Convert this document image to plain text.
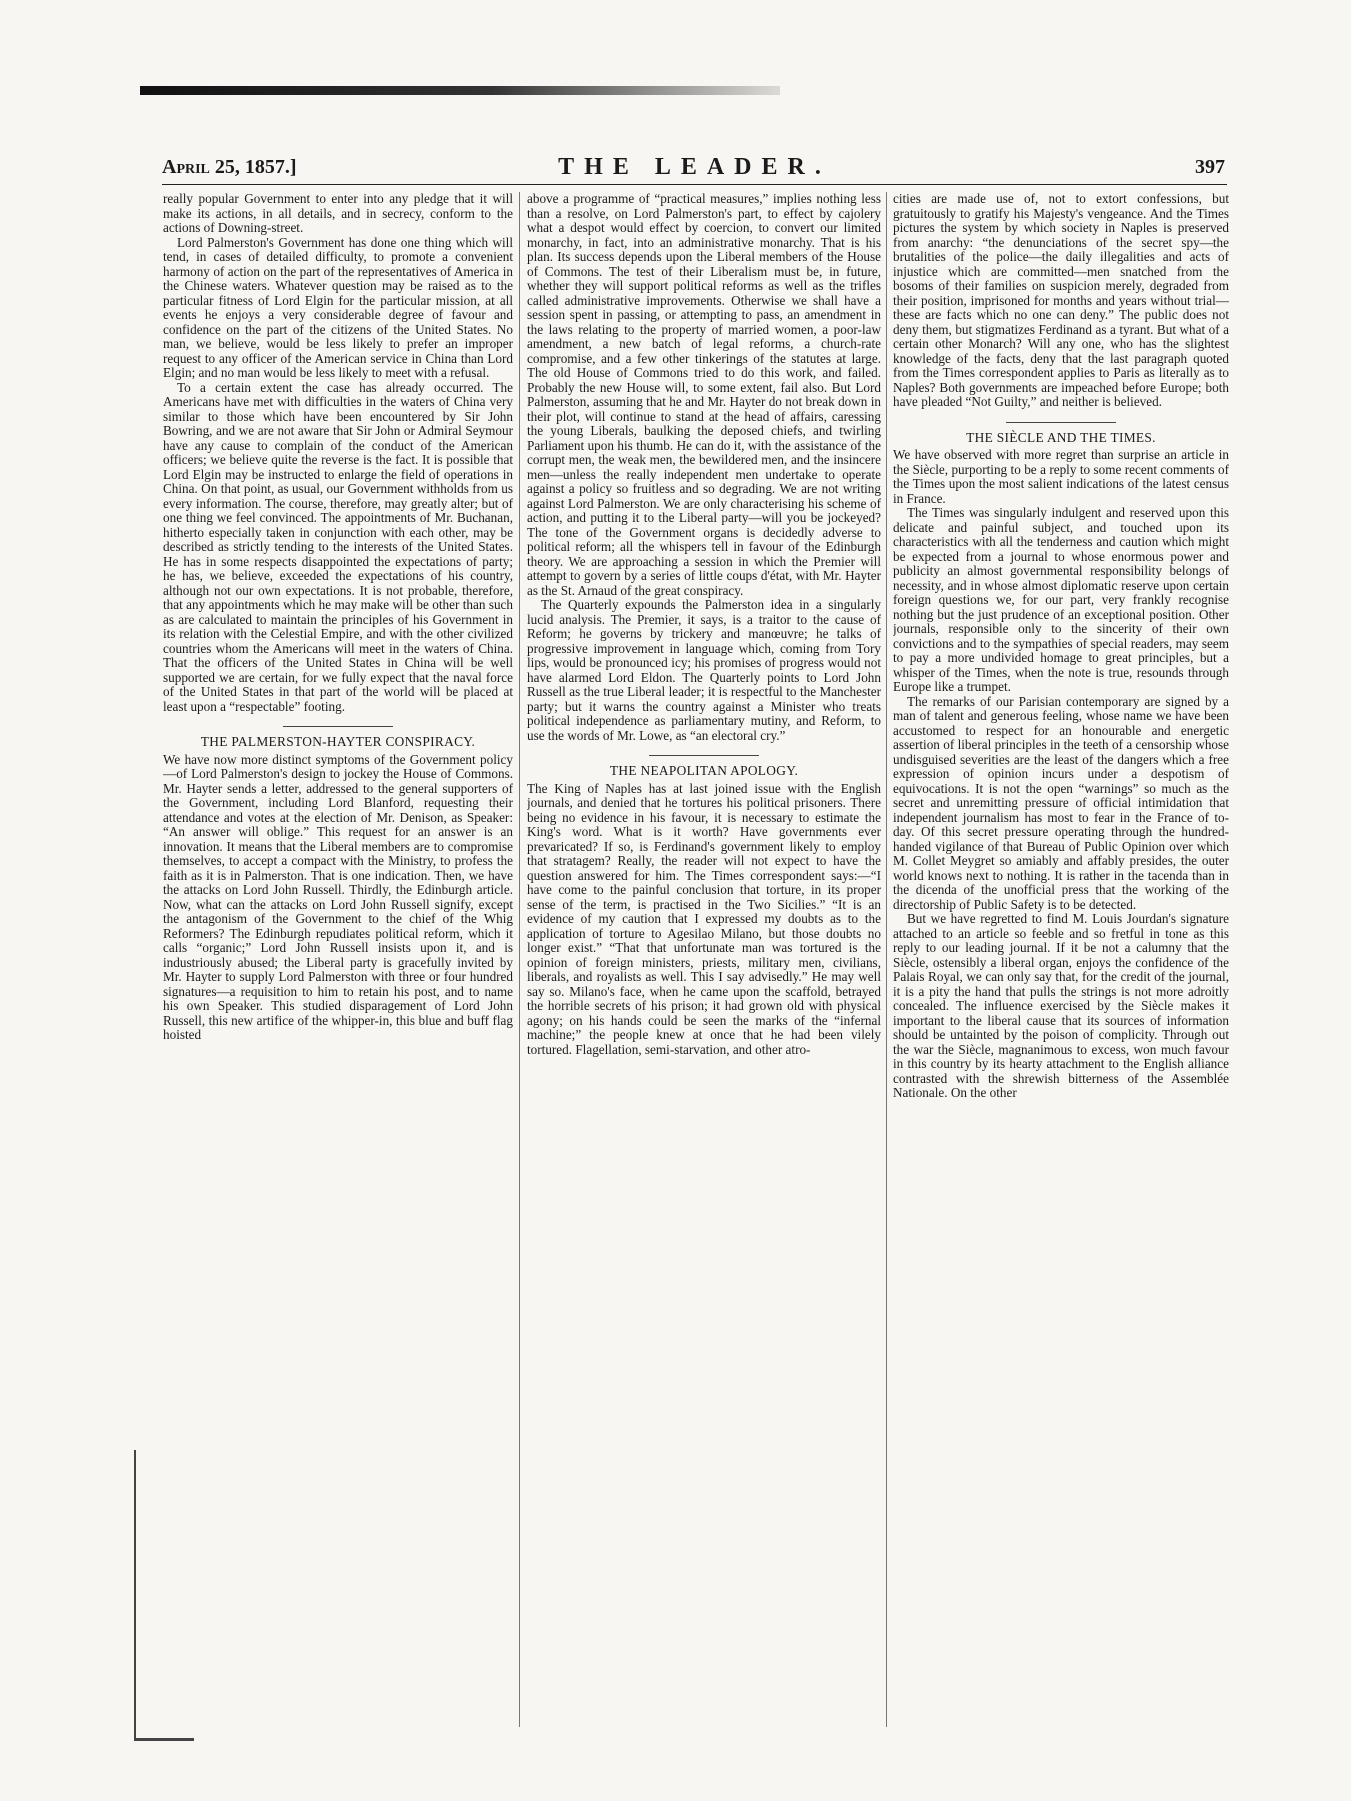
April 25, 1857.]	THE LEADER.	397

really popular Government to enter into any pledge that it will make its actions, in all details, and in secrecy, conform to the actions of Downing-street.

Lord Palmerston's Government has done one thing which will tend, in cases of detailed difficulty, to promote a convenient harmony of action on the part of the representatives of America in the Chinese waters. Whatever question may be raised as to the particular fitness of Lord Elgin for the particular mission, at all events he enjoys a very considerable degree of favour and confidence on the part of the citizens of the United States. No man, we believe, would be less likely to prefer an improper request to any officer of the American service in China than Lord Elgin; and no man would be less likely to meet with a refusal.

To a certain extent the case has already occurred. The Americans have met with difficulties in the waters of China very similar to those which have been encountered by Sir John Bowring, and we are not aware that Sir John or Admiral Seymour have any cause to complain of the conduct of the American officers; we believe quite the reverse is the fact. It is possible that Lord Elgin may be instructed to enlarge the field of operations in China. On that point, as usual, our Government withholds from us every information. The course, therefore, may greatly alter; but of one thing we feel convinced. The appointments of Mr. Buchanan, hitherto especially taken in conjunction with each other, may be described as strictly tending to the interests of the United States. He has in some respects disappointed the expectations of party; he has, we believe, exceeded the expectations of his country, although not our own expectations. It is not probable, therefore, that any appointments which he may make will be other than such as are calculated to maintain the principles of his Government in its relation with the Celestial Empire, and with the other civilized countries whom the Americans will meet in the waters of China. That the officers of the United States in China will be well supported we are certain, for we fully expect that the naval force of the United States in that part of the world will be placed at least upon a “respectable” footing.

THE PALMERSTON-HAYTER CONSPIRACY.

We have now more distinct symptoms of the Government policy—of Lord Palmerston's design to jockey the House of Commons. Mr. Hayter sends a letter, addressed to the general supporters of the Government, including Lord Blanford, requesting their attendance and votes at the election of Mr. Denison, as Speaker: “An answer will oblige.” This request for an answer is an innovation. It means that the Liberal members are to compromise themselves, to accept a compact with the Ministry, to profess the faith as it is in Palmerston. That is one indication. Then, we have the attacks on Lord John Russell. Thirdly, the Edinburgh article. Now, what can the attacks on Lord John Russell signify, except the antagonism of the Government to the chief of the Whig Reformers? The Edinburgh repudiates political reform, which it calls “organic;” Lord John Russell insists upon it, and is industriously abused; the Liberal party is gracefully invited by Mr. Hayter to supply Lord Palmerston with three or four hundred signatures—a requisition to him to retain his post, and to name his own Speaker. This studied disparagement of Lord John Russell, this new artifice of the whipper-in, this blue and buff flag hoisted

above a programme of “practical measures,” implies nothing less than a resolve, on Lord Palmerston's part, to effect by cajolery what a despot would effect by coercion, to convert our limited monarchy, in fact, into an administrative monarchy. That is his plan. Its success depends upon the Liberal members of the House of Commons. The test of their Liberalism must be, in future, whether they will support political reforms as well as the trifles called administrative improvements. Otherwise we shall have a session spent in passing, or attempting to pass, an amendment in the laws relating to the property of married women, a poor-law amendment, a new batch of legal reforms, a church-rate compromise, and a few other tinkerings of the statutes at large. The old House of Commons tried to do this work, and failed. Probably the new House will, to some extent, fail also. But Lord Palmerston, assuming that he and Mr. Hayter do not break down in their plot, will continue to stand at the head of affairs, caressing the young Liberals, baulking the deposed chiefs, and twirling Parliament upon his thumb. He can do it, with the assistance of the corrupt men, the weak men, the bewildered men, and the insincere men—unless the really independent men undertake to operate against a policy so fruitless and so degrading. We are not writing against Lord Palmerston. We are only characterising his scheme of action, and putting it to the Liberal party—will you be jockeyed? The tone of the Government organs is decidedly adverse to political reform; all the whispers tell in favour of the Edinburgh theory. We are approaching a session in which the Premier will attempt to govern by a series of little coups d'état, with Mr. Hayter as the St. Arnaud of the great conspiracy.

The Quarterly expounds the Palmerston idea in a singularly lucid analysis. The Premier, it says, is a traitor to the cause of Reform; he governs by trickery and manœuvre; he talks of progressive improvement in language which, coming from Tory lips, would be pronounced icy; his promises of progress would not have alarmed Lord Eldon. The Quarterly points to Lord John Russell as the true Liberal leader; it is respectful to the Manchester party; but it warns the country against a Minister who treats political independence as parliamentary mutiny, and Reform, to use the words of Mr. Lowe, as “an electoral cry.”

THE NEAPOLITAN APOLOGY.

The King of Naples has at last joined issue with the English journals, and denied that he tortures his political prisoners. There being no evidence in his favour, it is necessary to estimate the King's word. What is it worth? Have governments ever prevaricated? If so, is Ferdinand's government likely to employ that stratagem? Really, the reader will not expect to have the question answered for him. The Times correspondent says:—“I have come to the painful conclusion that torture, in its proper sense of the term, is practised in the Two Sicilies.” “It is an evidence of my caution that I expressed my doubts as to the application of torture to Agesilao Milano, but those doubts no longer exist.” “That that unfortunate man was tortured is the opinion of foreign ministers, priests, military men, civilians, liberals, and royalists as well. This I say advisedly.” He may well say so. Milano's face, when he came upon the scaffold, betrayed the horrible secrets of his prison; it had grown old with physical agony; on his hands could be seen the marks of the “infernal machine;” the people knew at once that he had been vilely tortured. Flagellation, semi-starvation, and other atro-

cities are made use of, not to extort confessions, but gratuitously to gratify his Majesty's vengeance. And the Times pictures the system by which society in Naples is preserved from anarchy: “the denunciations of the secret spy—the brutalities of the police—the daily illegalities and acts of injustice which are committed—men snatched from the bosoms of their families on suspicion merely, degraded from their position, imprisoned for months and years without trial—these are facts which no one can deny.” The public does not deny them, but stigmatizes Ferdinand as a tyrant. But what of a certain other Monarch? Will any one, who has the slightest knowledge of the facts, deny that the last paragraph quoted from the Times correspondent applies to Paris as literally as to Naples? Both governments are impeached before Europe; both have pleaded “Not Guilty,” and neither is believed.

THE SIÈCLE AND THE TIMES.

We have observed with more regret than surprise an article in the Siècle, purporting to be a reply to some recent comments of the Times upon the most salient indications of the latest census in France.

The Times was singularly indulgent and reserved upon this delicate and painful subject, and touched upon its characteristics with all the tenderness and caution which might be expected from a journal to whose enormous power and publicity an almost governmental responsibility belongs of necessity, and in whose almost diplomatic reserve upon certain foreign questions we, for our part, very frankly recognise nothing but the just prudence of an exceptional position. Other journals, responsible only to the sincerity of their own convictions and to the sympathies of special readers, may seem to pay a more undivided homage to great principles, but a whisper of the Times, when the note is true, resounds through Europe like a trumpet.

The remarks of our Parisian contemporary are signed by a man of talent and generous feeling, whose name we have been accustomed to respect for an honourable and energetic assertion of liberal principles in the teeth of a censorship whose undisguised severities are the least of the dangers which a free expression of opinion incurs under a despotism of equivocations. It is not the open “warnings” so much as the secret and unremitting pressure of official intimidation that independent journalism has most to fear in the France of to-day. Of this secret pressure operating through the hundred-handed vigilance of that Bureau of Public Opinion over which M. Collet Meygret so amiably and affably presides, the outer world knows next to nothing. It is rather in the tacenda than in the dicenda of the unofficial press that the working of the directorship of Public Safety is to be detected.

But we have regretted to find M. Louis Jourdan's signature attached to an article so feeble and so fretful in tone as this reply to our leading journal. If it be not a calumny that the Siècle, ostensibly a liberal organ, enjoys the confidence of the Palais Royal, we can only say that, for the credit of the journal, it is a pity the hand that pulls the strings is not more adroitly concealed. The influence exercised by the Siècle makes it important to the liberal cause that its sources of information should be untainted by the poison of complicity. Through out the war the Siècle, magnanimous to excess, won much favour in this country by its hearty attachment to the English alliance contrasted with the shrewish bitterness of the Assemblée Nationale. On the other
